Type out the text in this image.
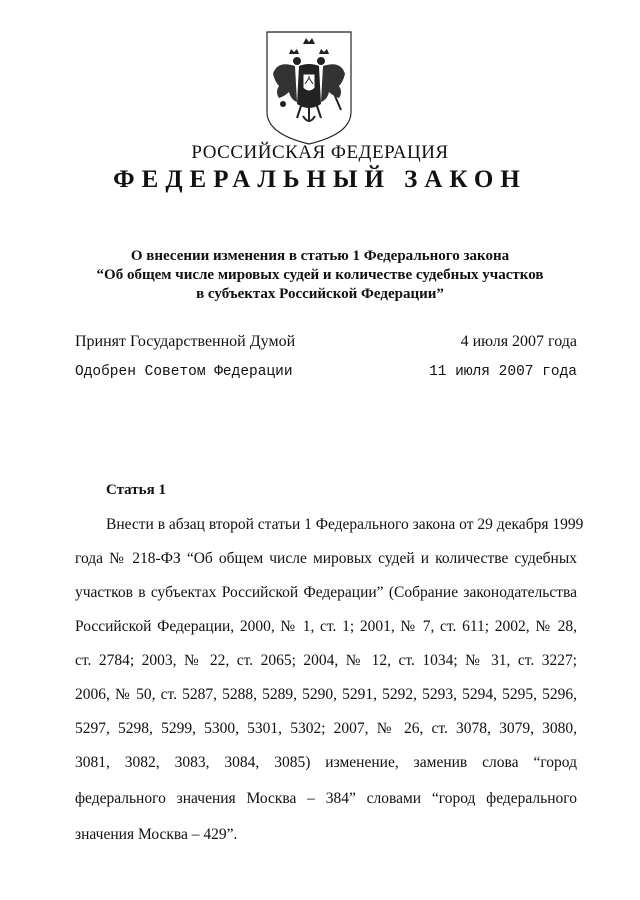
РОССИЙСКАЯ ФЕДЕРАЦИЯ
ФЕДЕРАЛЬНЫЙ ЗАКОН
О внесении изменения в статью 1 Федерального закона
“Об общем числе мировых судей и количестве судебных участков
в субъектах Российской Федерации”
Принят Государственной Думой	4 июля 2007 года
Одобрен Советом Федерации	11 июля 2007 года
Статья 1
Внести в абзац второй статьи 1 Федерального закона от 29 декабря 1999
года № 218-ФЗ “Об общем числе мировых судей и количестве судебных
участков в субъектах Российской Федерации” (Собрание законодательства
Российской Федерации, 2000, № 1, ст. 1; 2001, № 7, ст. 611; 2002, № 28,
ст. 2784; 2003, № 22, ст. 2065; 2004, № 12, ст. 1034; № 31, ст. 3227;
2006, № 50, ст. 5287, 5288, 5289, 5290, 5291, 5292, 5293, 5294, 5295, 5296,
5297, 5298, 5299, 5300, 5301, 5302; 2007, № 26, ст. 3078, 3079, 3080,
3081, 3082, 3083, 3084, 3085) изменение, заменив слова “город
федерального значения Москва – 384” словами “город федерального
значения Москва – 429”.
